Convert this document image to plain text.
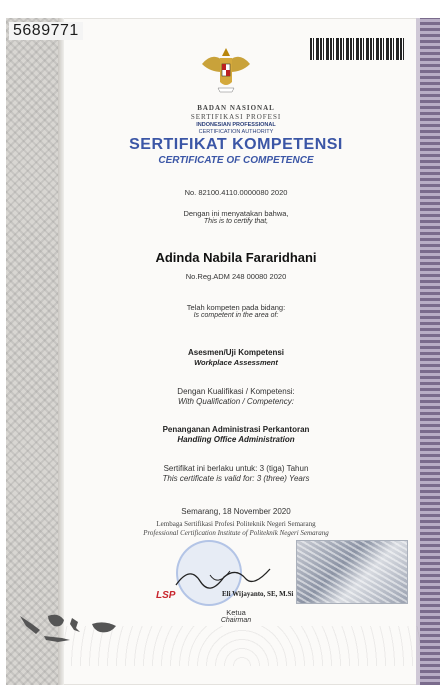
5689771
BADAN NASIONAL
SERTIFIKASI PROFESI
INDONESIAN PROFESSIONAL
CERTIFICATION AUTHORITY
SERTIFIKAT KOMPETENSI
CERTIFICATE OF COMPETENCE
No. 82100.4110.0000080 2020
Dengan ini menyatakan bahwa,
This is to certify that,
Adinda Nabila Fararidhani
No.Reg.ADM 248 00080 2020
Telah kompeten pada bidang:
Is competent in the area of:
Asesmen/Uji Kompetensi
Workplace Assessment
Dengan Kualifikasi / Kompetensi:
With Qualification / Competency:
Penanganan Administrasi Perkantoran
Handling Office Administration
Sertifikat ini berlaku untuk: 3 (tiga) Tahun
This certificate is valid for: 3 (three) Years
Semarang, 18 November 2020
Lembaga Sertifikasi Profesi Politeknik Negeri Semarang
Professional Certification Institute of Politeknik Negeri Semarang
LSP	Eli Wijayanto, SE, M.Si
Ketua
Chairman
